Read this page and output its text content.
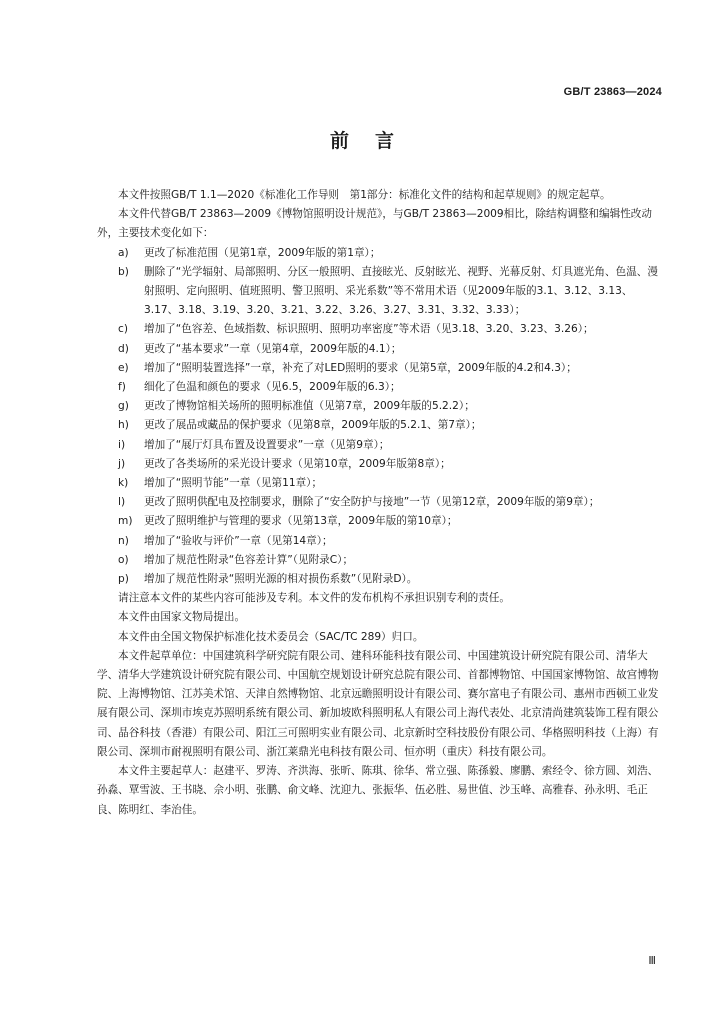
GB/T 23863—2024
前言

本文件按照GB/T 1.1—2020《标准化工作导则　第1部分：标准化文件的结构和起草规则》的规定起草。

本文件代替GB/T 23863—2009《博物馆照明设计规范》，与GB/T 23863—2009相比，除结构调整和编辑性改动外，主要技术变化如下：

a)	更改了标准范围（见第1章，2009年版的第1章）；
b)	删除了“光学辐射、局部照明、分区一般照明、直接眩光、反射眩光、视野、光幕反射、灯具遮光角、色温、漫射照明、定向照明、值班照明、警卫照明、采光系数”等不常用术语（见2009年版的3.1、3.12、3.13、3.17、3.18、3.19、3.20、3.21、3.22、3.26、3.27、3.31、3.32、3.33）；
c)	增加了“色容差、色域指数、标识照明、照明功率密度”等术语（见3.18、3.20、3.23、3.26）；
d)	更改了“基本要求”一章（见第4章，2009年版的4.1）；
e)	增加了“照明装置选择”一章，补充了对LED照明的要求（见第5章，2009年版的4.2和4.3）；
f)	细化了色温和颜色的要求（见6.5，2009年版的6.3）；
g)	更改了博物馆相关场所的照明标准值（见第7章，2009年版的5.2.2）；
h)	更改了展品或藏品的保护要求（见第8章，2009年版的5.2.1、第7章）；
i)	增加了“展厅灯具布置及设置要求”一章（见第9章）；
j)	更改了各类场所的采光设计要求（见第10章，2009年版第8章）；
k)	增加了“照明节能”一章（见第11章）；
l)	更改了照明供配电及控制要求，删除了“安全防护与接地”一节（见第12章，2009年版的第9章）；
m)	更改了照明维护与管理的要求（见第13章，2009年版的第10章）；
n)	增加了“验收与评价”一章（见第14章）；
o)	增加了规范性附录“色容差计算”（见附录C）；
p)	增加了规范性附录“照明光源的相对损伤系数”（见附录D）。

请注意本文件的某些内容可能涉及专利。本文件的发布机构不承担识别专利的责任。

本文件由国家文物局提出。

本文件由全国文物保护标准化技术委员会（SAC/TC 289）归口。

本文件起草单位：中国建筑科学研究院有限公司、建科环能科技有限公司、中国建筑设计研究院有限公司、清华大学、清华大学建筑设计研究院有限公司、中国航空规划设计研究总院有限公司、首都博物馆、中国国家博物馆、故宫博物院、上海博物馆、江苏美术馆、天津自然博物馆、北京远瞻照明设计有限公司、赛尔富电子有限公司、惠州市西顿工业发展有限公司、深圳市埃克苏照明系统有限公司、新加坡欧科照明私人有限公司上海代表处、北京清尚建筑装饰工程有限公司、晶谷科技（香港）有限公司、阳江三可照明实业有限公司、北京新时空科技股份有限公司、华格照明科技（上海）有限公司、深圳市耐视照明有限公司、浙江莱鼎光电科技有限公司、恒亦明（重庆）科技有限公司。

本文件主要起草人：赵建平、罗涛、齐洪海、张昕、陈琪、徐华、常立强、陈孫毅、廖鹏、索经令、徐方圆、刘浩、孙淼、覃雪波、王书晓、佘小明、张鹏、俞文峰、沈迎九、张振华、伍必胜、易世值、沙玉峰、高雅春、孙永明、毛正良、陈明红、李治佳。

Ⅲ
